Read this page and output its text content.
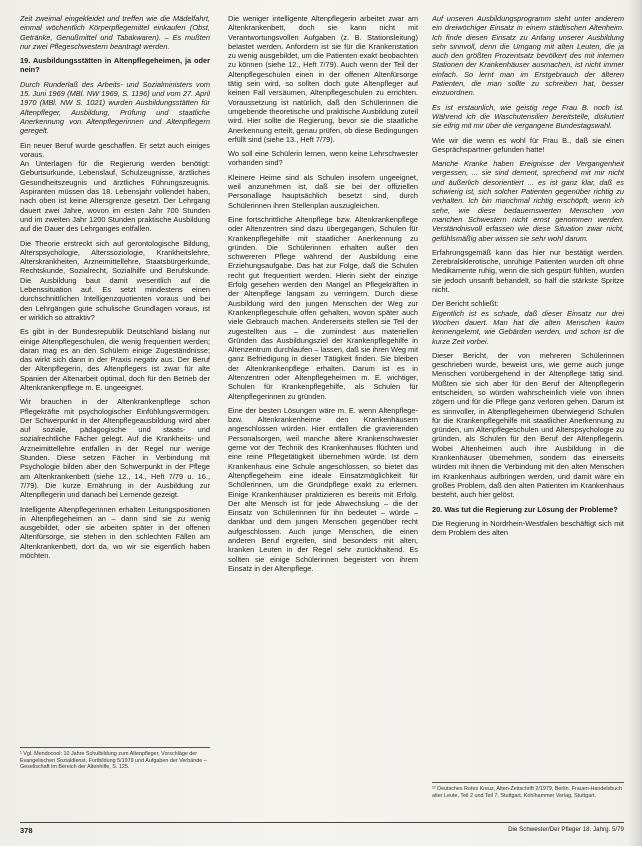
Zeit zweimal eingekleidet und treffen wie die Mädelfahrt, einmal wöchentlich Körperpflegemittel einkaufen (Obst, Getränke, Genußmittel und Tabakwaren). – Es mußten nur zwei Pflegeschwestern beantragt werden.

19. Ausbildungsstätten in Altenpflegeheimen, ja oder nein?

Durch Runderlaß des Arbeits- und Sozialministers vom 15. Juni 1969 (MBl. NW 1969, S. 1196) und vom 27. April 1970 (MBl. NW S. 1021) wurden Ausbildungsstätten für Altenpfleger, Ausbildung, Prüfung und staatliche Anerkennung von Altenpflegerinnen und Altenpflegern geregelt.

Ein neuer Beruf wurde geschaffen. Er setzt auch einiges voraus.

An Unterlagen für die Regierung werden benötigt: Geburtsurkunde, Lebenslauf, Schulzeugnisse, ärztliches Gesundheitszeugnis und ärztliches Führungszeugnis. Aspiranten müssen das 18. Lebensjahr vollendet haben, nach oben ist keine Altersgrenze gesetzt. Der Lehrgang dauert zwei Jahre, wovon im ersten Jahr 700 Stunden und im zweiten Jahr 1200 Stunden praktische Ausbildung auf die Dauer des Lehrganges entfallen.

Die Theorie erstreckt sich auf gerontologische Bildung, Alterspsychologie, Alterssoziologie, Krankheitslehre, Alterskrankheiten, Arzneimittellehre, Staatsbürgerkunde, Rechtskunde, Sozialrecht, Sozialhilfe und Berufskunde. Die Ausbildung baut damit wesentlich auf die Lebenssituation auf. Es setzt mindestens einen durchschnittlichen Intelligenzquotienten voraus und bei den Lehrgängen gute schulische Grundlagen voraus, ist er wirklich so attraktiv?

Es gibt in der Bundesrepublik Deutschland bislang nur einige Altenpflegeschulen, die wenig frequentiert werden; daran mag es an den Schülern einige Zugeständnisse; das wirkt sich dann in der Praxis negativ aus. Der Beruf der Altenpflegerin, des Altenpflegers ist zwar für alte Spanien der Altenarbeit optimal, doch für den Betrieb der Altenkrankenpflege m. E. ungeeignet.

Wir brauchen in der Altenkrankenpflege schon Pflegekräfte mit psychologischer Einfühlungsvermögen. Der Schwerpunkt in der Altenpflegeausbildung wird aber auf soziale, pädagogische und staats- und sozialrechtliche Fächer gelegt. Auf die Krankheits- und Arzneimittellehre entfallen in der Regel nur wenige Stunden. Diese setzen Fächer in Verbindung mit Psychologie bilden aber den Schwerpunkt in der Pflege am Altenkrankenbett (siehe 12., 14., Heft 7/79 u. 16., 7/79). Die kurze Ernährung in der Ausbildung zur Altenpflegerin und danach bei Lernende gezeigt.

Intelligente Altenpflegerinnen erhalten Leitungspositionen in Altenpflegeheimen an – dann sind sie zu wenig ausgebildet, oder sie arbeiten später in der offenen Altenfürsorge, sie stehen in den schlechten Fällen am Altenkrankenbett, dort da, wo wir sie eigentlich haben möchten.

Die weniger intelligente Altenpflegerin arbeitet zwar am Altenkrankenbett, doch sie kann nicht mit Verantwortungsvollen Aufgaben (z. B. Stationsleitung) belastet werden. Anfordern ist sie für die Krankenstation zu wenig ausgebildet, um die Patienten exakt beobachten zu können (siehe 12., Heft 7/79). Auch wenn der Teil der Altenpflegeschulen einen in der offenen Altenfürsorge tätig sein wird, so sollten doch gute Altenpfleger auf keinen Fall versäumen, Altenpflegeschulen zu errichten. Voraussetzung ist natürlich, daß den Schülerinnen die umgebende theoretische und praktische Ausbildung zuteil wird. Hier sollte die Regierung, bevor sie die staatliche Anerkennung erteilt, genau prüfen, ob diese Bedingungen erfüllt sind (siehe 13., Heft 7/79).

Wo soll eine Schülerin lernen, wenn keine Lehrschwester vorhanden sind?

Kleinere Heime sind als Schulen insofern ungeeignet, weil anzunehmen ist, daß sie bei der offiziellen Personallage hauptsächlich besetzt sind, durch Schülerinnen ihren Stellenplan auszugleichen.

Eine fortschrittliche Altenpflege bzw. Altenkrankenpflege oder Altenzentren sind dazu übergegangen, Schulen für Krankenpflegehilfe mit staatlicher Anerkennung zu gründen. Die Schülerinnen erhalten außer den schwereren Pflege während der Ausbildung eine Erziehungsaufgabe. Das hat zur Folge, daß die Schulen recht gut frequentiert werden. Hierin sieht der einzige Erfolg gesehen werden den Mangel an Pflegekräften in der Altenpflege langsam zu verringern. Durch diese Ausbildung wird den jungen Menschen der Weg zur Krankenpflegeschule offen gehalten, wovon später auch viele Gebrauch machen. Andererseits stellen sie Teil der zugestellten aus – die zumindest aus materiellen Gründen das Ausbildungsziel der Krankenpflegehilfe in Altenzentrum durchlaufen – lassen, daß sie ihren Weg mit ganz Befriedigung in dieser Tätigkeit finden. Sie bleiben der Altenkrankenpflege erhalten. Darum ist es in Altenzentren oder Altenpflegeheimen m. E. wichtiger, Schulen für Krankenpflegehilfe, als Schulen für Altenpflegerinnen zu gründen.

Eine der besten Lösungen wäre m. E. wenn Altenpflege- bzw. Altenkrankenheime den Krankenhäusern angeschlossen würden. Hier entfallen die gravierenden Personalsorgen, weil manche ältere Krankenschwester gerne vor der Technik des Krankenhauses flüchten und eine reine Pflegetätigkeit übernehmen würde. Ist dem Krankenhaus eine Schule angeschlossen, so bietet das Altenpflegeheim eine ideale Einsatzmöglichkeit für Schülerinnen, um die Grundpflege exakt zu erlernen. Einige Krankenhäuser praktizieren es bereits mit Erfolg. Der alte Mensch ist für jede Abwechslung – die der Einsatz von Schülerinnen für ihn bedeutet – würde – dankbar und dem jungen Menschen gegenüber recht aufgeschlossen. Auch junge Menschen, die einen anderen Beruf ergreifen, sind besonders mit alten, kranken Leuten in der Regel sehr zurückhaltend. Es sollten sie einige Schülerinnen begeistert von ihrem Einsatz in der Altenpflege.

Auf unseren Ausbildungsprogramm steht unter anderem ein dreiwöchiger Einsatz in einem städtischen Altenheim. Ich finde diesen Einsatz zu Anfang unserer Ausbildung sehr sinnvoll, denn die Umgang mit alten Leuten, die ja auch den größten Prozentsatz bevölkert des mit internen Stationen der Krankenhäuser ausmachen, ist nicht immer einfach. So lernt man im Erstgebrauch der älteren Patienten, die man sollte zu schreiben hat, besser einzuordnen.

Es ist erstaunlich, wie geistig rege Frau B. noch ist. Während ich die Waschutensilien bereitstelle, diskutiert sie eifrig mit mir über die vergangene Bundestagswahl.

Wie wir die wenn es wohl für Frau B., daß sie einen Gesprächspartner gefunden hatte!

Manche Kranke haben Ereignisse der Vergangenheit vergessen, ... sie sind dement, sprechend mit mir nicht und äußerlich desorientiert ... es ist ganz klar, daß es schwierig ist, sich solcher Patienten gegenüber richtig zu verhalten. Ich bin manchmal richtig erschöpft, wenn ich sehe, wie diese bedauernswerten Menschen von manchen Schwestern nicht ernst genommen werden. Verständnisvoll erfassen wie diese Situation zwar nicht, gefühlsmäßig aber wissen sie sehr wohl darum.

Erfahrungsgemäß kann das hier nur bestätigt werden. Zerebralsklerotische, unruhige Patienten wurden oft ohne Medikamente ruhig, wenn die sich gespürt fühlten, wurden sie jedoch unsanft behandelt, so half die stärkste Spritze nicht.

Der Bericht schließt:

Eigentlich ist es schade, daß dieser Einsatz nur drei Wochen dauert. Man hat die alten Menschen kaum kennengelernt, wie Gebärden werden, und schon ist die kurze Zeit vorbei.

Dieser Bericht, der von mehreren Schülerinnen geschrieben wurde, beweist uns, wie gerne auch junge Menschen vorübergehend in der Altenpflege tätig sind. Müßten sie sich aber für den Beruf der Altenpflegerin entscheiden, so würden wahrscheinlich viele von ihnen zögern und für die Pflege ganz verloren gehen. Darum ist es sinnvoller, in Altenpflegeheimen überwiegend Schulen für die Krankenpflegehilfe mit staatlicher Anerkennung zu gründen, um Altenpflegeschulen und Alterspsychologie zu gründen, als Schulen für den Beruf der Altenpflegerin. Wobei Altenheimen auch ihre Ausbildung in die Krankenhäuser übernehmen, sondern das einerseits würden mit ihnen die Verbindung mit den alten Menschen im Krankenhaus aufbringen werden, und damit wäre ein großes Problem, daß den alten Patienten im Krankenhaus besteht, auch hier gelöst.

20. Was tut die Regierung zur Lösung der Probleme?

Die Regierung in Nordrhein-Westfalen beschäftigt sich mit dem Problem des alten

¹ Vgl. Mendocool: 10 Jahre Schulbildung zum Altenpfleger, Vorschläge der Evangelischen Sozialdienst, Fortbildung 5/1979 und Aufgaben der Verbände – Gesellschaft im Bereich der Altenhilfe, S. 125.
¹² Deutsches Rotes Kreuz, Alten-Zeitschrift 2/1979, Berlin. Frauen-Handelsbuch alter Leute, Teil 2 und Teil 7. Stuttgart, Kohlhammer Verlag, Stuttgart.
378	Die Schwester/Der Pfleger 18. Jahrg. 5/79
